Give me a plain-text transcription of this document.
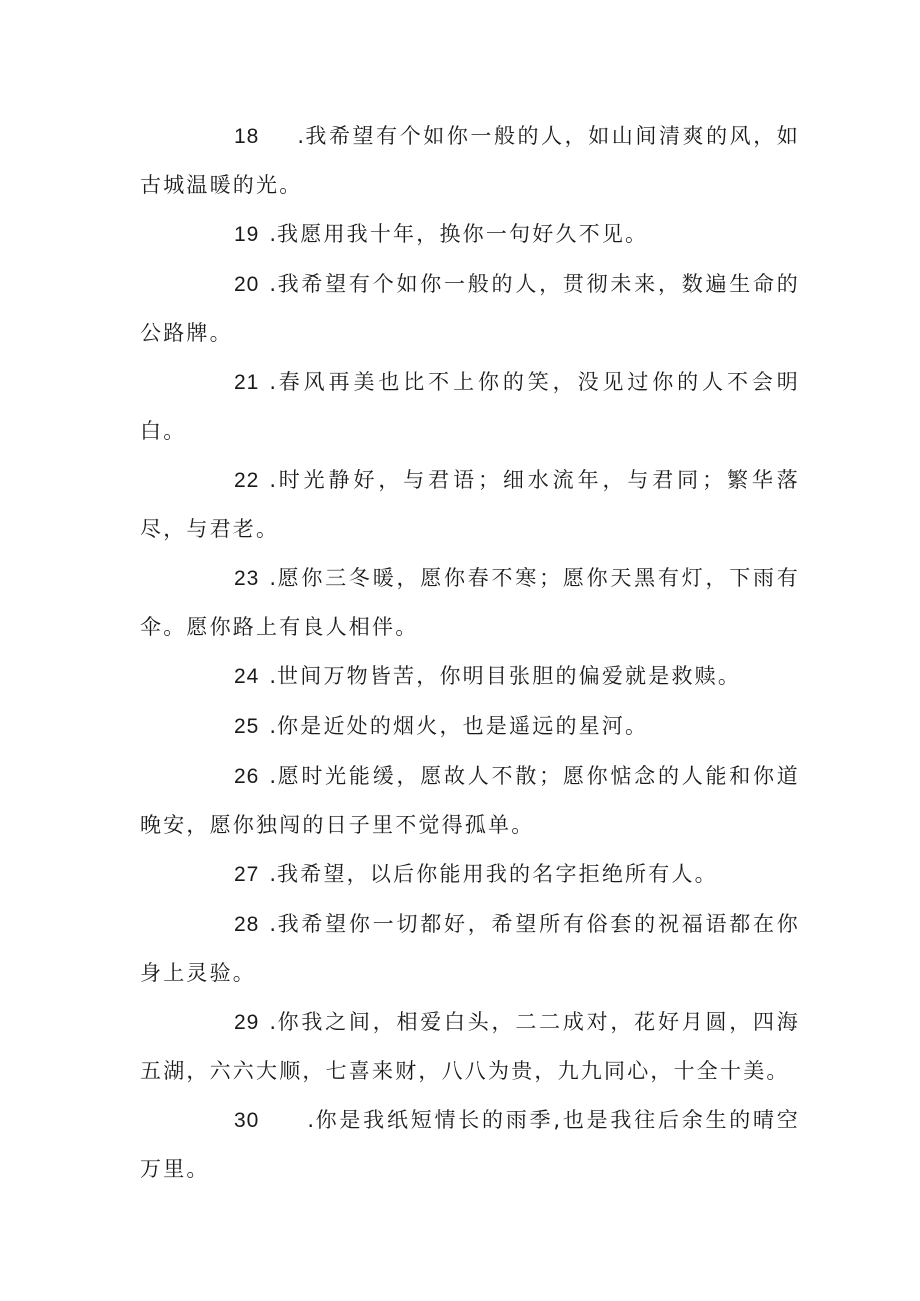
18 .我希望有个如你一般的人，如山间清爽的风，如古城温暖的光。

19 .我愿用我十年，换你一句好久不见。

20 .我希望有个如你一般的人，贯彻未来，数遍生命的公路牌。

21 .春风再美也比不上你的笑，没见过你的人不会明白。

22 .时光静好，与君语；细水流年，与君同；繁华落尽，与君老。

23 .愿你三冬暖，愿你春不寒；愿你天黑有灯，下雨有伞。愿你路上有良人相伴。

24 .世间万物皆苦，你明目张胆的偏爱就是救赎。

25 .你是近处的烟火，也是遥远的星河。

26 .愿时光能缓，愿故人不散；愿你惦念的人能和你道晚安，愿你独闯的日子里不觉得孤单。

27 .我希望，以后你能用我的名字拒绝所有人。

28 .我希望你一切都好，希望所有俗套的祝福语都在你身上灵验。

29 .你我之间，相爱白头，二二成对，花好月圆，四海五湖，六六大顺，七喜来财，八八为贵，九九同心，十全十美。

30 .你是我纸短情长的雨季,也是我往后余生的晴空万里。
